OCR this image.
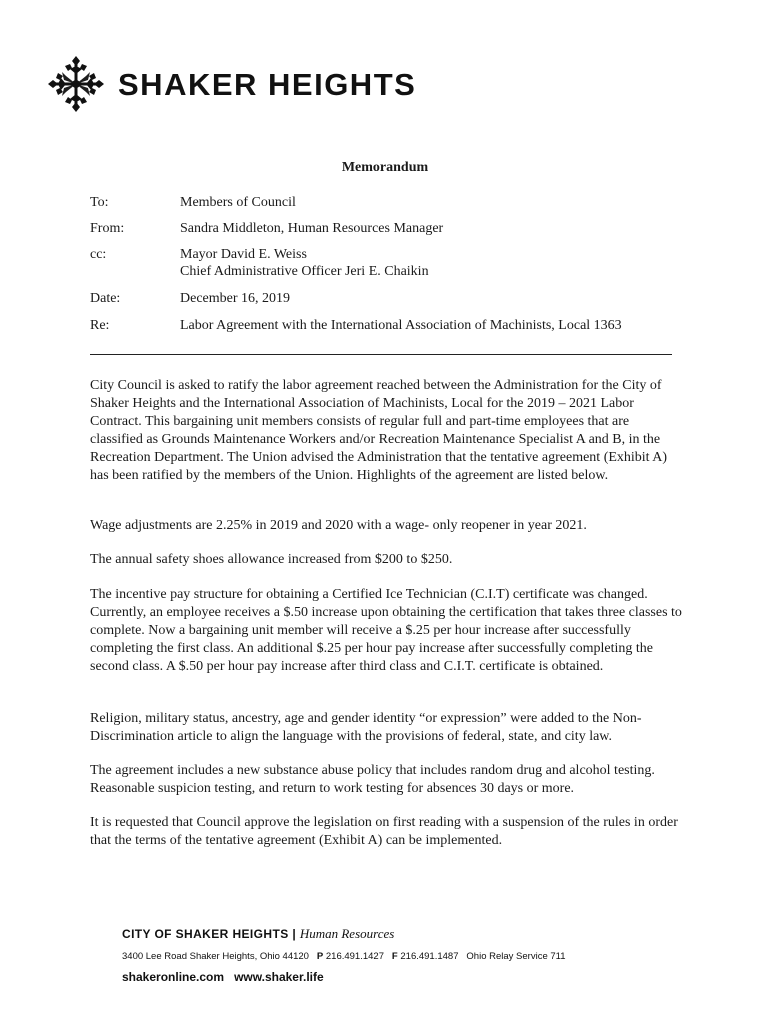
SHAKER HEIGHTS
Memorandum
To:	Members of Council
From:	Sandra Middleton, Human Resources Manager
cc:	Mayor David E. Weiss
Chief Administrative Officer Jeri E. Chaikin
Date:	December 16, 2019
Re:	Labor Agreement with the International Association of Machinists, Local 1363

City Council is asked to ratify the labor agreement reached between the Administration for the City of Shaker Heights and the International Association of Machinists, Local for the 2019 – 2021 Labor Contract. This bargaining unit members consists of regular full and part-time employees that are classified as Grounds Maintenance Workers and/or Recreation Maintenance Specialist A and B, in the Recreation Department. The Union advised the Administration that the tentative agreement (Exhibit A) has been ratified by the members of the Union. Highlights of the agreement are listed below.

Wage adjustments are 2.25% in 2019 and 2020 with a wage- only reopener in year 2021.

The annual safety shoes allowance increased from $200 to $250.

The incentive pay structure for obtaining a Certified Ice Technician (C.I.T) certificate was changed. Currently, an employee receives a $.50 increase upon obtaining the certification that takes three classes to complete. Now a bargaining unit member will receive a $.25 per hour increase after successfully completing the first class. An additional $.25 per hour pay increase after successfully completing the second class. A $.50 per hour pay increase after third class and C.I.T. certificate is obtained.

Religion, military status, ancestry, age and gender identity “or expression” were added to the Non-Discrimination article to align the language with the provisions of federal, state, and city law.

The agreement includes a new substance abuse policy that includes random drug and alcohol testing. Reasonable suspicion testing, and return to work testing for absences 30 days or more.

It is requested that Council approve the legislation on first reading with a suspension of the rules in order that the terms of the tentative agreement (Exhibit A) can be implemented.

CITY OF SHAKER HEIGHTS | Human Resources
3400 Lee Road Shaker Heights, Ohio 44120 P 216.491.1427 F 216.491.1487 Ohio Relay Service 711
shakeronline.com www.shaker.life
